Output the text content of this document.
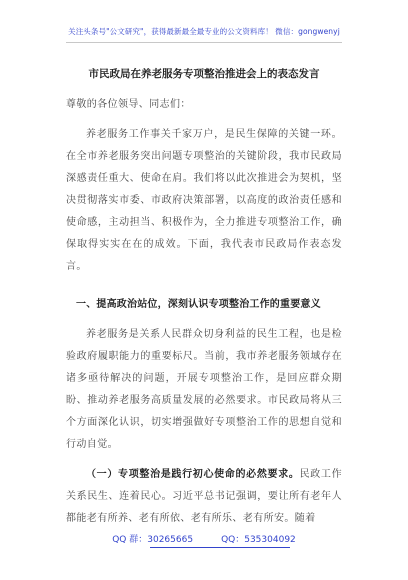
关注头条号"公文研究"，获得最新最全最专业的公文资料库！ 微信：gongwenyj
市民政局在养老服务专项整治推进会上的表态发言

尊敬的各位领导、同志们：

养老服务工作事关千家万户，是民生保障的关键一环。在全市养老服务突出问题专项整治的关键阶段，我市民政局深感责任重大、使命在肩。我们将以此次推进会为契机，坚决贯彻落实市委、市政府决策部署，以高度的政治责任感和使命感，主动担当、积极作为，全力推进专项整治工作，确保取得实实在在的成效。下面，我代表市民政局作表态发言。

一、提高政治站位，深刻认识专项整治工作的重要意义

养老服务是关系人民群众切身利益的民生工程，也是检验政府履职能力的重要标尺。当前，我市养老服务领域存在诸多亟待解决的问题，开展专项整治工作，是回应群众期盼、推动养老服务高质量发展的必然要求。市民政局将从三个方面深化认识，切实增强做好专项整治工作的思想自觉和行动自觉。

（一）专项整治是践行初心使命的必然要求。民政工作关系民生、连着民心。习近平总书记强调，要让所有老年人都能老有所养、老有所依、老有所乐、老有所安。随着

QQ 群：30265665	QQ：535304092
